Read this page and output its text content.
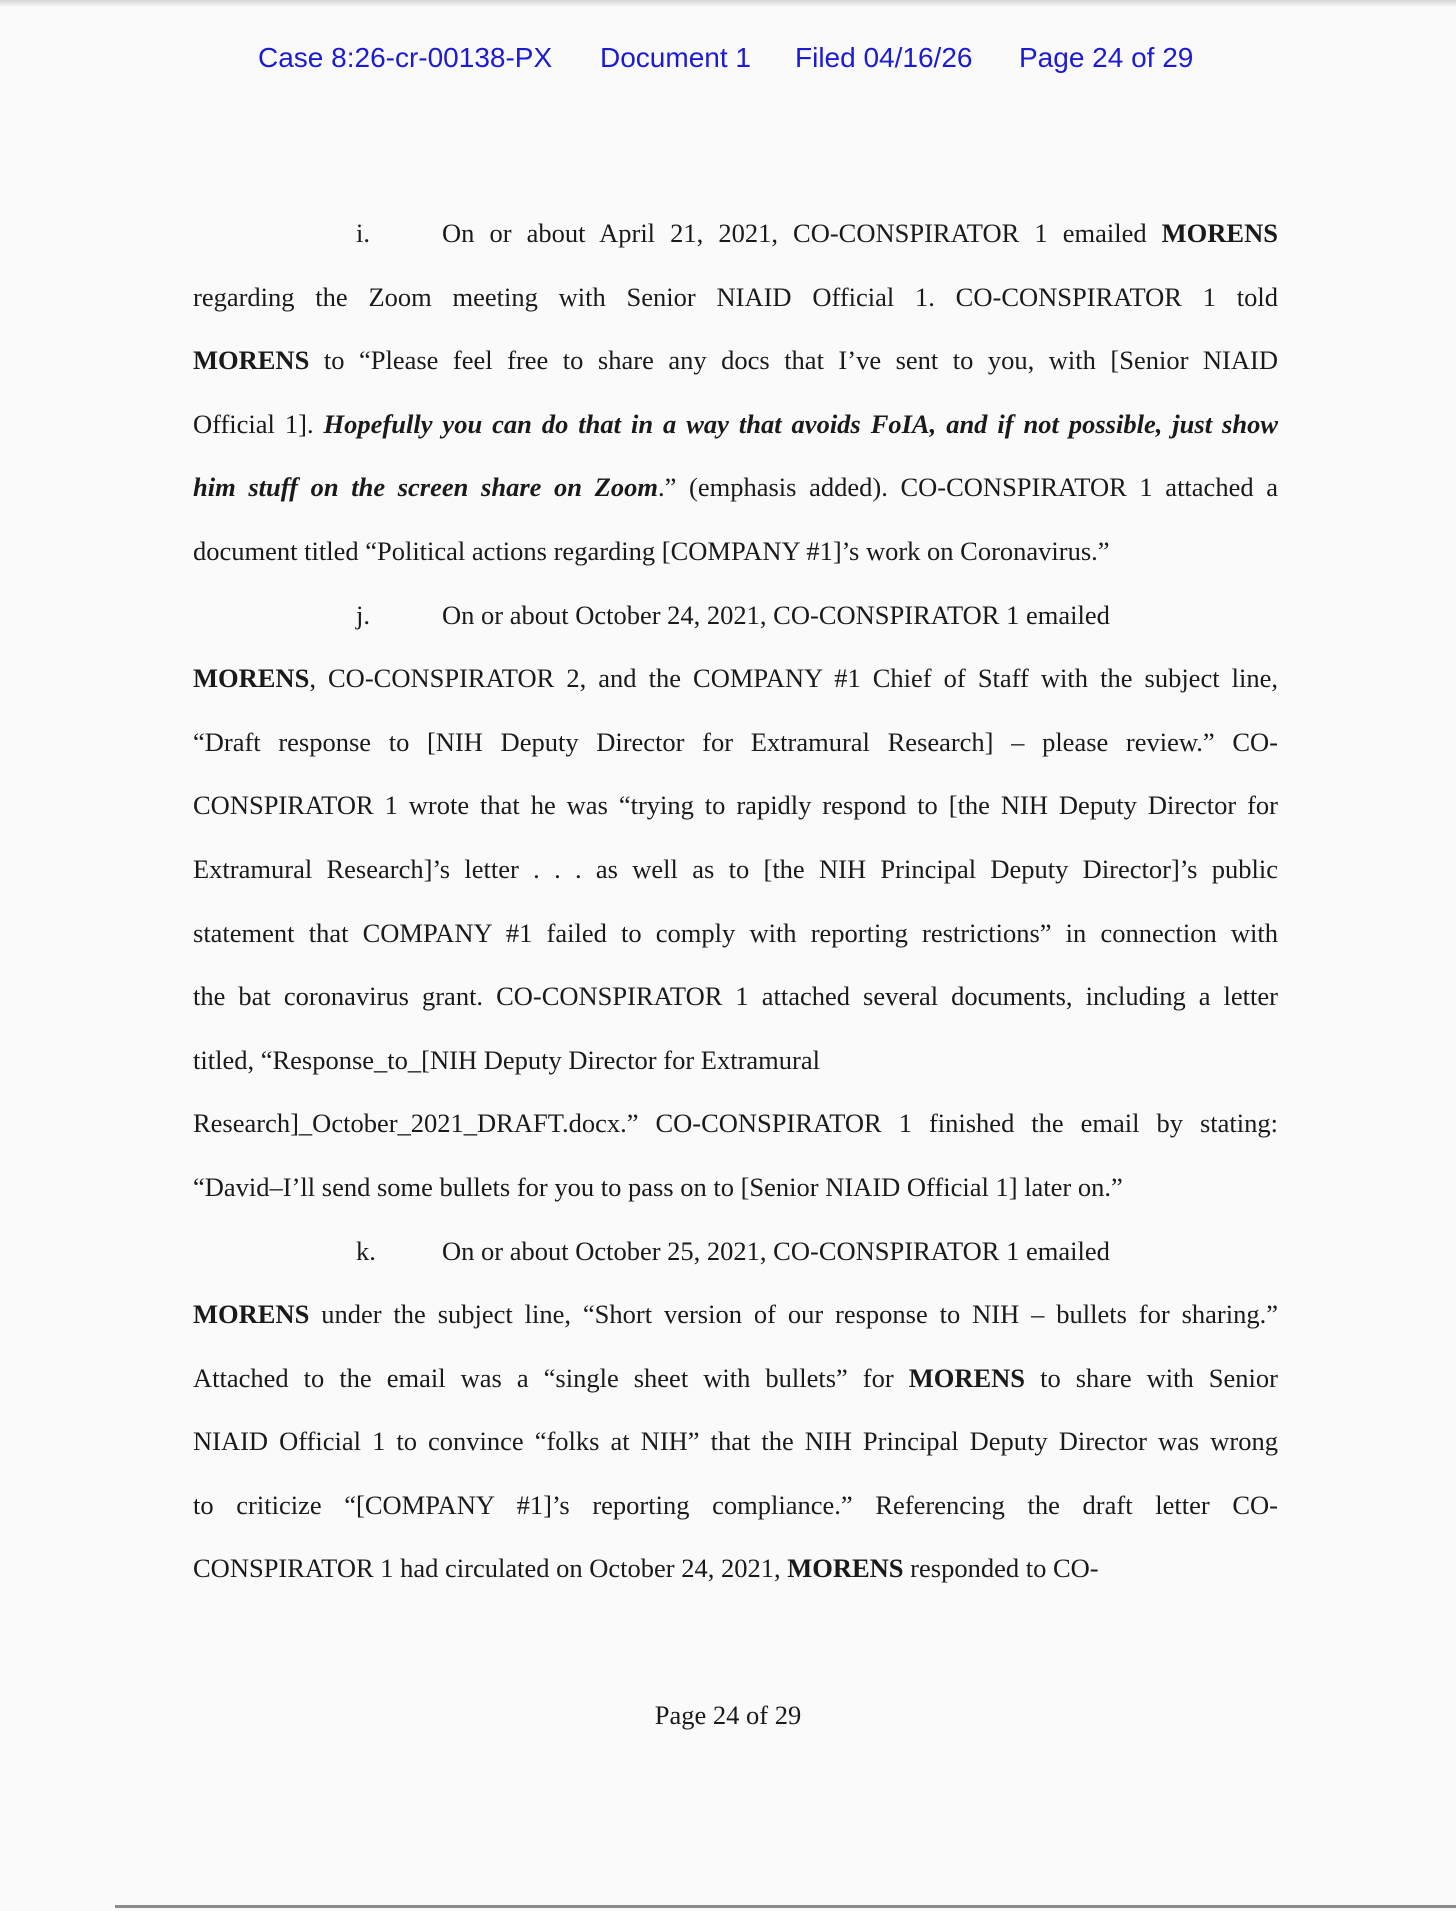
Case 8:26-cr-00138-PX Document 1 Filed 04/16/26 Page 24 of 29
i.	On or about April 21, 2021, CO-CONSPIRATOR 1 emailed MORENS
regarding the Zoom meeting with Senior NIAID Official 1. CO-CONSPIRATOR 1 told
MORENS to “Please feel free to share any docs that I’ve sent to you, with [Senior NIAID
Official 1]. Hopefully you can do that in a way that avoids FoIA, and if not possible, just show
him stuff on the screen share on Zoom.” (emphasis added). CO-CONSPIRATOR 1 attached a
document titled “Political actions regarding [COMPANY #1]’s work on Coronavirus.”
j.	On or about October 24, 2021, CO-CONSPIRATOR 1 emailed
MORENS, CO-CONSPIRATOR 2, and the COMPANY #1 Chief of Staff with the subject line,
“Draft response to [NIH Deputy Director for Extramural Research] – please review.” CO-
CONSPIRATOR 1 wrote that he was “trying to rapidly respond to [the NIH Deputy Director for
Extramural Research]’s letter . . . as well as to [the NIH Principal Deputy Director]’s public
statement that COMPANY #1 failed to comply with reporting restrictions” in connection with
the bat coronavirus grant. CO-CONSPIRATOR 1 attached several documents, including a letter
titled, “Response_to_[NIH Deputy Director for Extramural
Research]_October_2021_DRAFT.docx.” CO-CONSPIRATOR 1 finished the email by stating:
“David–I’ll send some bullets for you to pass on to [Senior NIAID Official 1] later on.”
k. On or about October 25, 2021, CO-CONSPIRATOR 1 emailed
MORENS under the subject line, “Short version of our response to NIH – bullets for sharing.”
Attached to the email was a “single sheet with bullets” for MORENS to share with Senior
NIAID Official 1 to convince “folks at NIH” that the NIH Principal Deputy Director was wrong
to criticize “[COMPANY #1]’s reporting compliance.” Referencing the draft letter CO-
CONSPIRATOR 1 had circulated on October 24, 2021, MORENS responded to CO-
Page 24 of 29
